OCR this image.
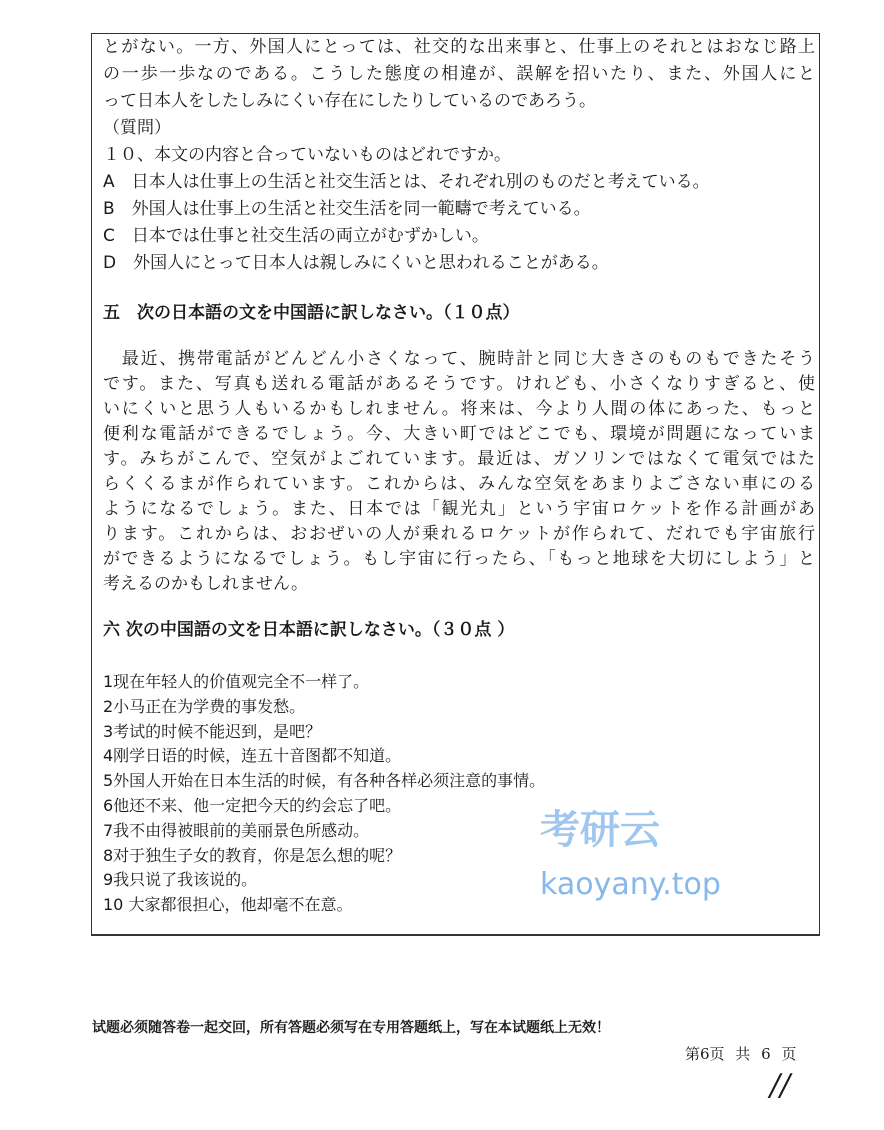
とがない。一方、外国人にとっては、社交的な出来事と、仕事上のそれとはおなじ路上
の一歩一歩なのである。こうした態度の相違が、誤解を招いたり、また、外国人にと
って日本人をしたしみにくい存在にしたりしているのであろう。
（質問）
１０、本文の内容と合っていないものはどれですか。
A　日本人は仕事上の生活と社交生活とは、それぞれ別のものだと考えている。
B　外国人は仕事上の生活と社交生活を同一範疇で考えている。
C　日本では仕事と社交生活の両立がむずかしい。
D　外国人にとって日本人は親しみにくいと思われることがある。
五　次の日本語の文を中国語に訳しなさい。（１０点）
　最近、携帯電話がどんどん小さくなって、腕時計と同じ大きさのものもできたそう
です。また、写真も送れる電話があるそうです。けれども、小さくなりすぎると、使
いにくいと思う人もいるかもしれません。将来は、今より人間の体にあった、もっと
便利な電話ができるでしょう。今、大きい町ではどこでも、環境が問題になっていま
す。みちがこんで、空気がよごれています。最近は、ガソリンではなくて電気ではた
らくくるまが作られています。これからは、みんな空気をあまりよごさない車にのる
ようになるでしょう。また、日本では「観光丸」という宇宙ロケットを作る計画があ
ります。これからは、おおぜいの人が乗れるロケットが作られて、だれでも宇宙旅行
ができるようになるでしょう。もし宇宙に行ったら、「もっと地球を大切にしよう」と
考えるのかもしれません。
六 次の中国語の文を日本語に訳しなさい。（３０点 ）
1现在年轻人的价值观完全不一样了。
2小马正在为学费的事发愁。
3考试的时候不能迟到，是吧？
4刚学日语的时候，连五十音图都不知道。
5外国人开始在日本生活的时候，有各种各样必须注意的事情。
6他还不来、他一定把今天的约会忘了吧。
7我不由得被眼前的美丽景色所感动。
8对于独生子女的教育，你是怎么想的呢？
9我只说了我该说的。
10 大家都很担心，他却毫不在意。
考研云
kaoyany.top
试题必须随答卷一起交回，所有答题必须写在专用答题纸上，写在本试题纸上无效！
第6页 共 6 页
//
